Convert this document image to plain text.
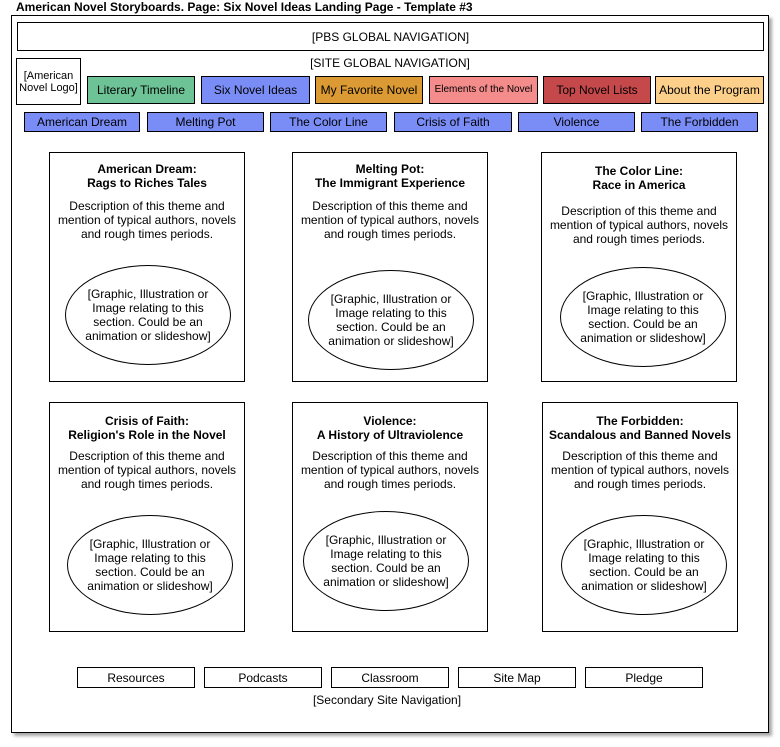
American Novel Storyboards. Page: Six Novel Ideas Landing Page - Template #3
[PBS GLOBAL NAVIGATION]
[SITE GLOBAL NAVIGATION]
[American Novel Logo]	Literary Timeline	Six Novel Ideas	My Favorite Novel	Elements of the Novel	Top Novel Lists	About the Program
American Dream	Melting Pot	The Color Line	Crisis of Faith	Violence	The Forbidden
American Dream:
Rags to Riches Tales
Description of this theme and mention of typical authors, novels and rough times periods.
[Graphic, Illustration or Image relating to this section. Could be an animation or slideshow]
Melting Pot:
The Immigrant Experience
Description of this theme and mention of typical authors, novels and rough times periods.
[Graphic, Illustration or Image relating to this section. Could be an animation or slideshow]
The Color Line:
Race in America
Description of this theme and mention of typical authors, novels and rough times periods.
[Graphic, Illustration or Image relating to this section. Could be an animation or slideshow]
Crisis of Faith:
Religion's Role in the Novel
Description of this theme and mention of typical authors, novels and rough times periods.
[Graphic, Illustration or Image relating to this section. Could be an animation or slideshow]
Violence:
A History of Ultraviolence
Description of this theme and mention of typical authors, novels and rough times periods.
[Graphic, Illustration or Image relating to this section. Could be an animation or slideshow]
The Forbidden:
Scandalous and Banned Novels
Description of this theme and mention of typical authors, novels and rough times periods.
[Graphic, Illustration or Image relating to this section. Could be an animation or slideshow]
Resources	Podcasts	Classroom	Site Map	Pledge
[Secondary Site Navigation]
